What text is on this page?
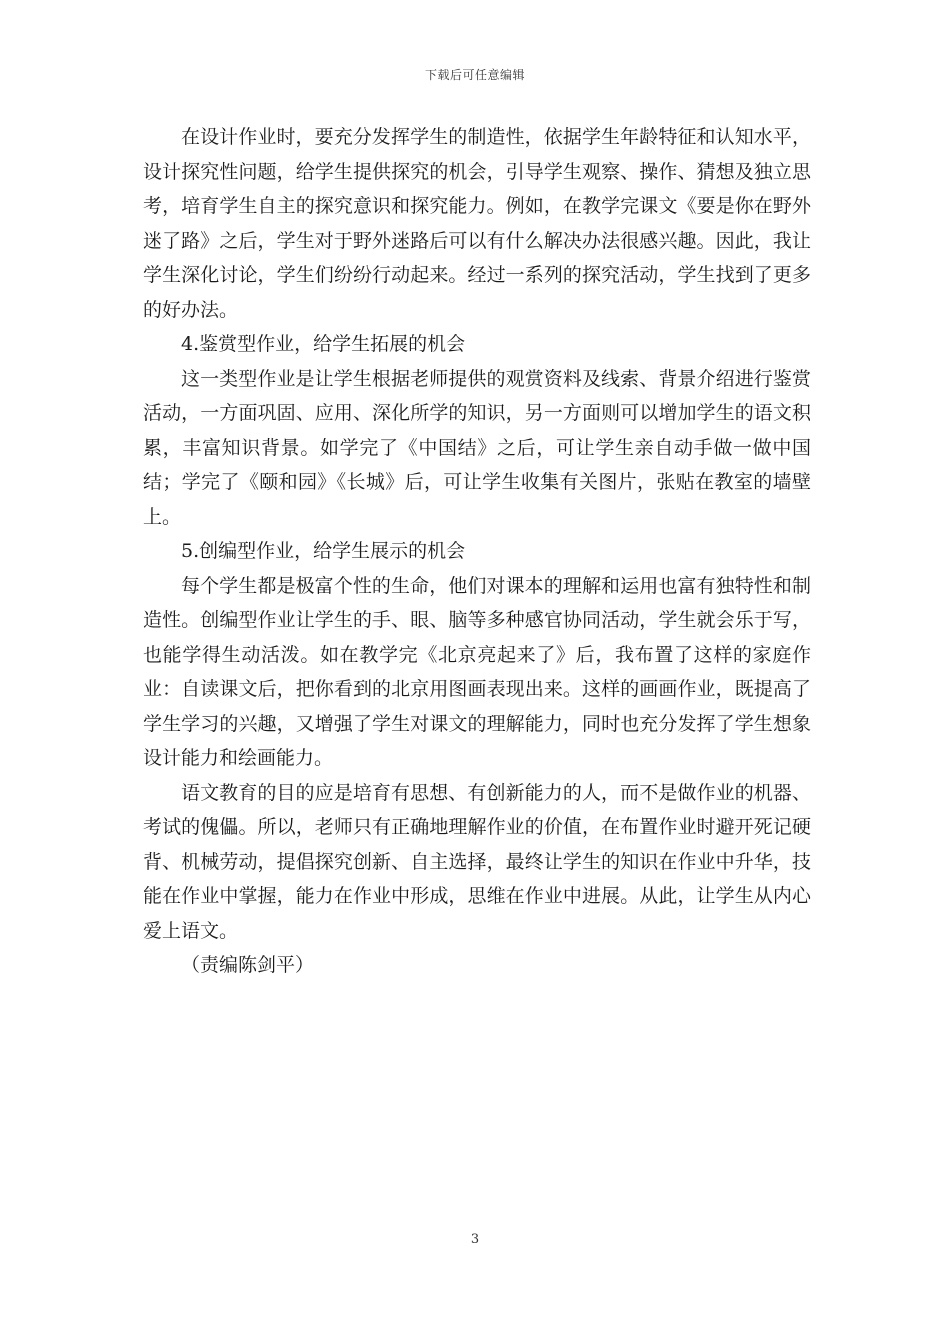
下载后可任意编辑

在设计作业时，要充分发挥学生的制造性，依据学生年龄特征和认知水平，设计探究性问题，给学生提供探究的机会，引导学生观察、操作、猜想及独立思考，培育学生自主的探究意识和探究能力。例如，在教学完课文《要是你在野外迷了路》之后，学生对于野外迷路后可以有什么解决办法很感兴趣。因此，我让学生深化讨论，学生们纷纷行动起来。经过一系列的探究活动，学生找到了更多的好办法。

4.鉴赏型作业，给学生拓展的机会

这一类型作业是让学生根据老师提供的观赏资料及线索、背景介绍进行鉴赏活动，一方面巩固、应用、深化所学的知识，另一方面则可以增加学生的语文积累，丰富知识背景。如学完了《中国结》之后，可让学生亲自动手做一做中国结；学完了《颐和园》《长城》后，可让学生收集有关图片，张贴在教室的墙壁上。

5.创编型作业，给学生展示的机会

每个学生都是极富个性的生命，他们对课本的理解和运用也富有独特性和制造性。创编型作业让学生的手、眼、脑等多种感官协同活动，学生就会乐于写，也能学得生动活泼。如在教学完《北京亮起来了》后，我布置了这样的家庭作业：自读课文后，把你看到的北京用图画表现出来。这样的画画作业，既提高了学生学习的兴趣，又增强了学生对课文的理解能力，同时也充分发挥了学生想象设计能力和绘画能力。

语文教育的目的应是培育有思想、有创新能力的人，而不是做作业的机器、考试的傀儡。所以，老师只有正确地理解作业的价值，在布置作业时避开死记硬背、机械劳动，提倡探究创新、自主选择，最终让学生的知识在作业中升华，技能在作业中掌握，能力在作业中形成，思维在作业中进展。从此，让学生从内心爱上语文。

（责编陈剑平）

3
